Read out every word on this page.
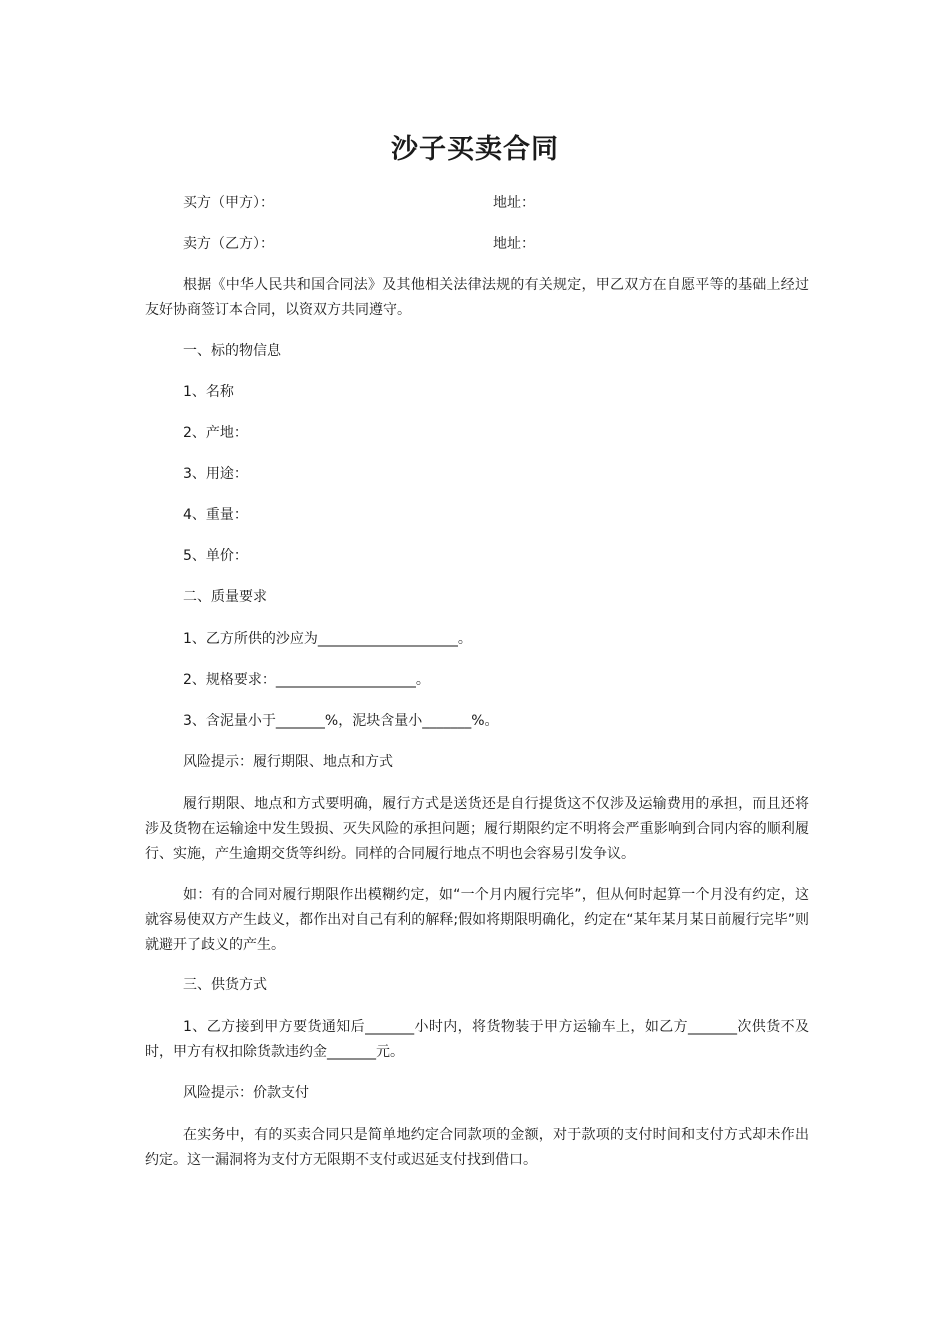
沙子买卖合同
买方（甲方）：	地址：
卖方（乙方）：	地址：
根据《中华人民共和国合同法》及其他相关法律法规的有关规定，甲乙双方在自愿平等的基础上经过友好协商签订本合同，以资双方共同遵守。
一、标的物信息
1、名称
2、产地：
3、用途：
4、重量：
5、单价：
二、质量要求
1、乙方所供的沙应为____________________。
2、规格要求：____________________。
3、含泥量小于_______%，泥块含量小_______%。
风险提示：履行期限、地点和方式
履行期限、地点和方式要明确，履行方式是送货还是自行提货这不仅涉及运输费用的承担，而且还将涉及货物在运输途中发生毁损、灭失风险的承担问题；履行期限约定不明将会严重影响到合同内容的顺利履行、实施，产生逾期交货等纠纷。同样的合同履行地点不明也会容易引发争议。
如：有的合同对履行期限作出模糊约定，如“一个月内履行完毕”，但从何时起算一个月没有约定，这就容易使双方产生歧义，都作出对自己有利的解释;假如将期限明确化，约定在“某年某月某日前履行完毕”则就避开了歧义的产生。
三、供货方式
1、乙方接到甲方要货通知后_______小时内，将货物装于甲方运输车上，如乙方_______次供货不及时，甲方有权扣除货款违约金_______元。
风险提示：价款支付
在实务中，有的买卖合同只是简单地约定合同款项的金额，对于款项的支付时间和支付方式却未作出约定。这一漏洞将为支付方无限期不支付或迟延支付找到借口。
